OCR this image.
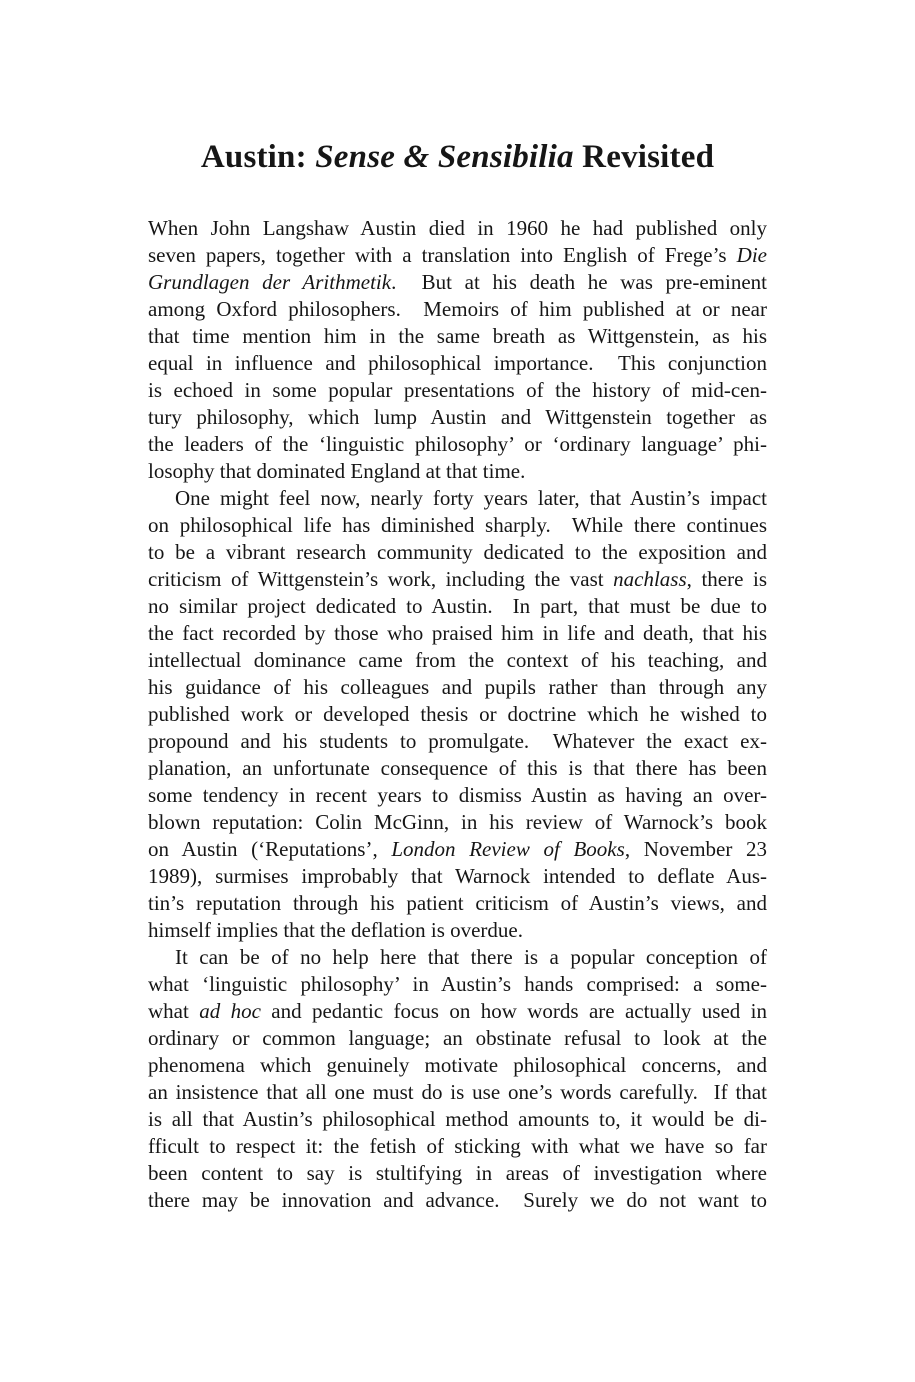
Austin: Sense & Sensibilia Revisited
When John Langshaw Austin died in 1960 he had published only
seven papers, together with a translation into English of Frege’s Die
Grundlagen der Arithmetik.  But at his death he was pre-eminent
among Oxford philosophers.  Memoirs of him published at or near
that time mention him in the same breath as Wittgenstein, as his
equal in influence and philosophical importance.  This conjunction
is echoed in some popular presentations of the history of mid-cen-
tury philosophy, which lump Austin and Wittgenstein together as
the leaders of the ‘linguistic philosophy’ or ‘ordinary language’ phi-
losophy that dominated England at that time.
One might feel now, nearly forty years later, that Austin’s impact
on philosophical life has diminished sharply.  While there continues
to be a vibrant research community dedicated to the exposition and
criticism of Wittgenstein’s work, including the vast nachlass, there is
no similar project dedicated to Austin.  In part, that must be due to
the fact recorded by those who praised him in life and death, that his
intellectual dominance came from the context of his teaching, and
his guidance of his colleagues and pupils rather than through any
published work or developed thesis or doctrine which he wished to
propound and his students to promulgate.  Whatever the exact ex-
planation, an unfortunate consequence of this is that there has been
some tendency in recent years to dismiss Austin as having an over-
blown reputation: Colin McGinn, in his review of Warnock’s book
on Austin (‘Reputations’, London Review of Books, November 23
1989), surmises improbably that Warnock intended to deflate Aus-
tin’s reputation through his patient criticism of Austin’s views, and
himself implies that the deflation is overdue.
It can be of no help here that there is a popular conception of
what ‘linguistic philosophy’ in Austin’s hands comprised: a some-
what ad hoc and pedantic focus on how words are actually used in
ordinary or common language; an obstinate refusal to look at the
phenomena which genuinely motivate philosophical concerns, and
an insistence that all one must do is use one’s words carefully.  If that
is all that Austin’s philosophical method amounts to, it would be di-
fficult to respect it: the fetish of sticking with what we have so far
been content to say is stultifying in areas of investigation where
there may be innovation and advance.  Surely we do not want to
